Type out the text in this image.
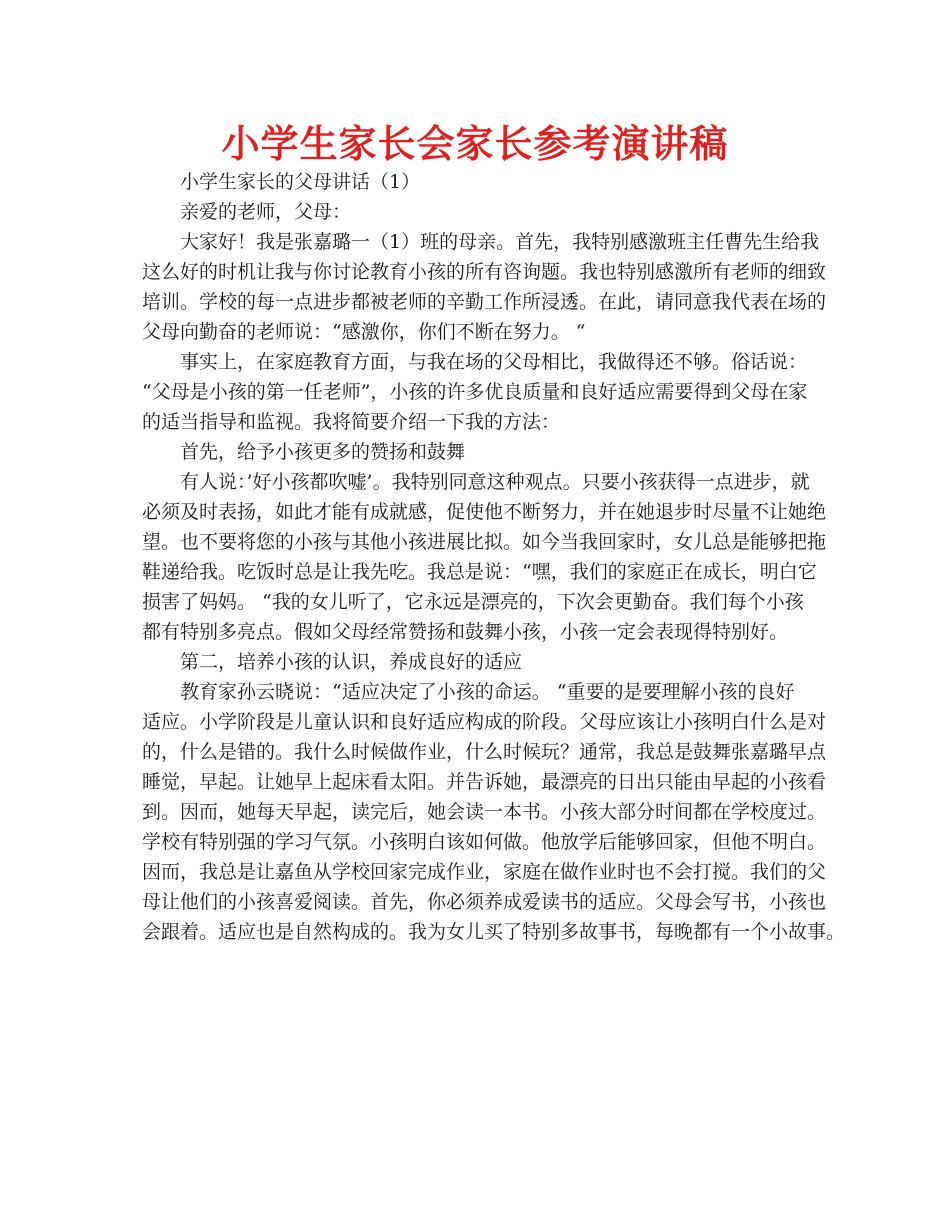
小学生家长会家长参考演讲稿
小学生家长的父母讲话（1）
亲爱的老师，父母：
大家好！我是张嘉璐一（1）班的母亲。首先，我特别感激班主任曹先生给我
这么好的时机让我与你讨论教育小孩的所有咨询题。我也特别感激所有老师的细致
培训。学校的每一点进步都被老师的辛勤工作所浸透。在此，请同意我代表在场的
父母向勤奋的老师说：“感激你，你们不断在努力。 “
事实上，在家庭教育方面，与我在场的父母相比，我做得还不够。俗话说：
“父母是小孩的第一任老师”，小孩的许多优良质量和良好适应需要得到父母在家
的适当指导和监视。我将简要介绍一下我的方法：
首先，给予小孩更多的赞扬和鼓舞
有人说：’好小孩都吹嘘’。我特别同意这种观点。只要小孩获得一点进步，就
必须及时表扬，如此才能有成就感，促使他不断努力，并在她退步时尽量不让她绝
望。也不要将您的小孩与其他小孩进展比拟。如今当我回家时，女儿总是能够把拖
鞋递给我。吃饭时总是让我先吃。我总是说：“嘿，我们的家庭正在成长，明白它
损害了妈妈。 “我的女儿听了，它永远是漂亮的，下次会更勤奋。我们每个小孩
都有特别多亮点。假如父母经常赞扬和鼓舞小孩，小孩一定会表现得特别好。
第二，培养小孩的认识，养成良好的适应
教育家孙云晓说：“适应决定了小孩的命运。 “重要的是要理解小孩的良好
适应。小学阶段是儿童认识和良好适应构成的阶段。父母应该让小孩明白什么是对
的，什么是错的。我什么时候做作业，什么时候玩？通常，我总是鼓舞张嘉璐早点
睡觉，早起。让她早上起床看太阳。并告诉她，最漂亮的日出只能由早起的小孩看
到。因而，她每天早起，读完后，她会读一本书。小孩大部分时间都在学校度过。
学校有特别强的学习气氛。小孩明白该如何做。他放学后能够回家，但他不明白。
因而，我总是让嘉鱼从学校回家完成作业，家庭在做作业时也不会打搅。我们的父
母让他们的小孩喜爱阅读。首先，你必须养成爱读书的适应。父母会写书，小孩也
会跟着。适应也是自然构成的。我为女儿买了特别多故事书，每晚都有一个小故事。
